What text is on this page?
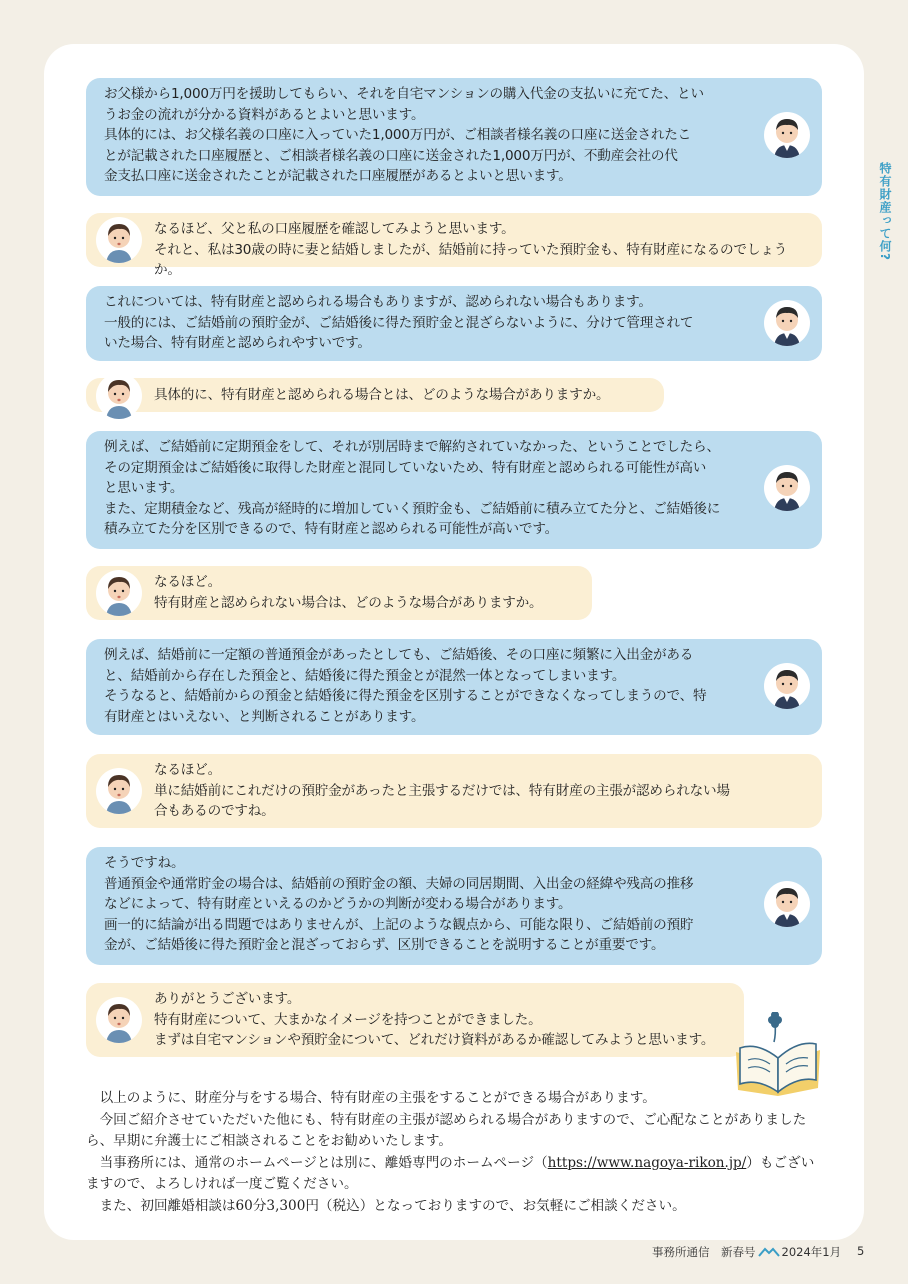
特有財産って何?

お父様から1,000万円を援助してもらい、それを自宅マンションの購入代金の支払いに充てた、とい
うお金の流れが分かる資料があるとよいと思います。
具体的には、お父様名義の口座に入っていた1,000万円が、ご相談者様名義の口座に送金されたこ
とが記載された口座履歴と、ご相談者様名義の口座に送金された1,000万円が、不動産会社の代
金支払口座に送金されたことが記載された口座履歴があるとよいと思います。

なるほど、父と私の口座履歴を確認してみようと思います。
それと、私は30歳の時に妻と結婚しましたが、結婚前に持っていた預貯金も、特有財産になるのでしょうか。

これについては、特有財産と認められる場合もありますが、認められない場合もあります。
一般的には、ご結婚前の預貯金が、ご結婚後に得た預貯金と混ざらないように、分けて管理されて
いた場合、特有財産と認められやすいです。

具体的に、特有財産と認められる場合とは、どのような場合がありますか。

例えば、ご結婚前に定期預金をして、それが別居時まで解約されていなかった、ということでしたら、
その定期預金はご結婚後に取得した財産と混同していないため、特有財産と認められる可能性が高い
と思います。
また、定期積金など、残高が経時的に増加していく預貯金も、ご結婚前に積み立てた分と、ご結婚後に
積み立てた分を区別できるので、特有財産と認められる可能性が高いです。

なるほど。
特有財産と認められない場合は、どのような場合がありますか。

例えば、結婚前に一定額の普通預金があったとしても、ご結婚後、その口座に頻繁に入出金がある
と、結婚前から存在した預金と、結婚後に得た預金とが混然一体となってしまいます。
そうなると、結婚前からの預金と結婚後に得た預金を区別することができなくなってしまうので、特
有財産とはいえない、と判断されることがあります。

なるほど。
単に結婚前にこれだけの預貯金があったと主張するだけでは、特有財産の主張が認められない場
合もあるのですね。

そうですね。
普通預金や通常貯金の場合は、結婚前の預貯金の額、夫婦の同居期間、入出金の経緯や残高の推移
などによって、特有財産といえるのかどうかの判断が変わる場合があります。
画一的に結論が出る問題ではありませんが、上記のような観点から、可能な限り、ご結婚前の預貯
金が、ご結婚後に得た預貯金と混ざっておらず、区別できることを説明することが重要です。

ありがとうございます。
特有財産について、大まかなイメージを持つことができました。
まずは自宅マンションや預貯金について、どれだけ資料があるか確認してみようと思います。

以上のように、財産分与をする場合、特有財産の主張をすることができる場合があります。

今回ご紹介させていただいた他にも、特有財産の主張が認められる場合がありますので、ご心配なことがありましたら、早期に弁護士にご相談されることをお勧めいたします。

当事務所には、通常のホームページとは別に、離婚専門のホームページ（https://www.nagoya-rikon.jp/）もございますので、よろしければ一度ご覧ください。

また、初回離婚相談は60分3,300円（税込）となっておりますので、お気軽にご相談ください。

事務所通信　新春号 2024年1月 5
